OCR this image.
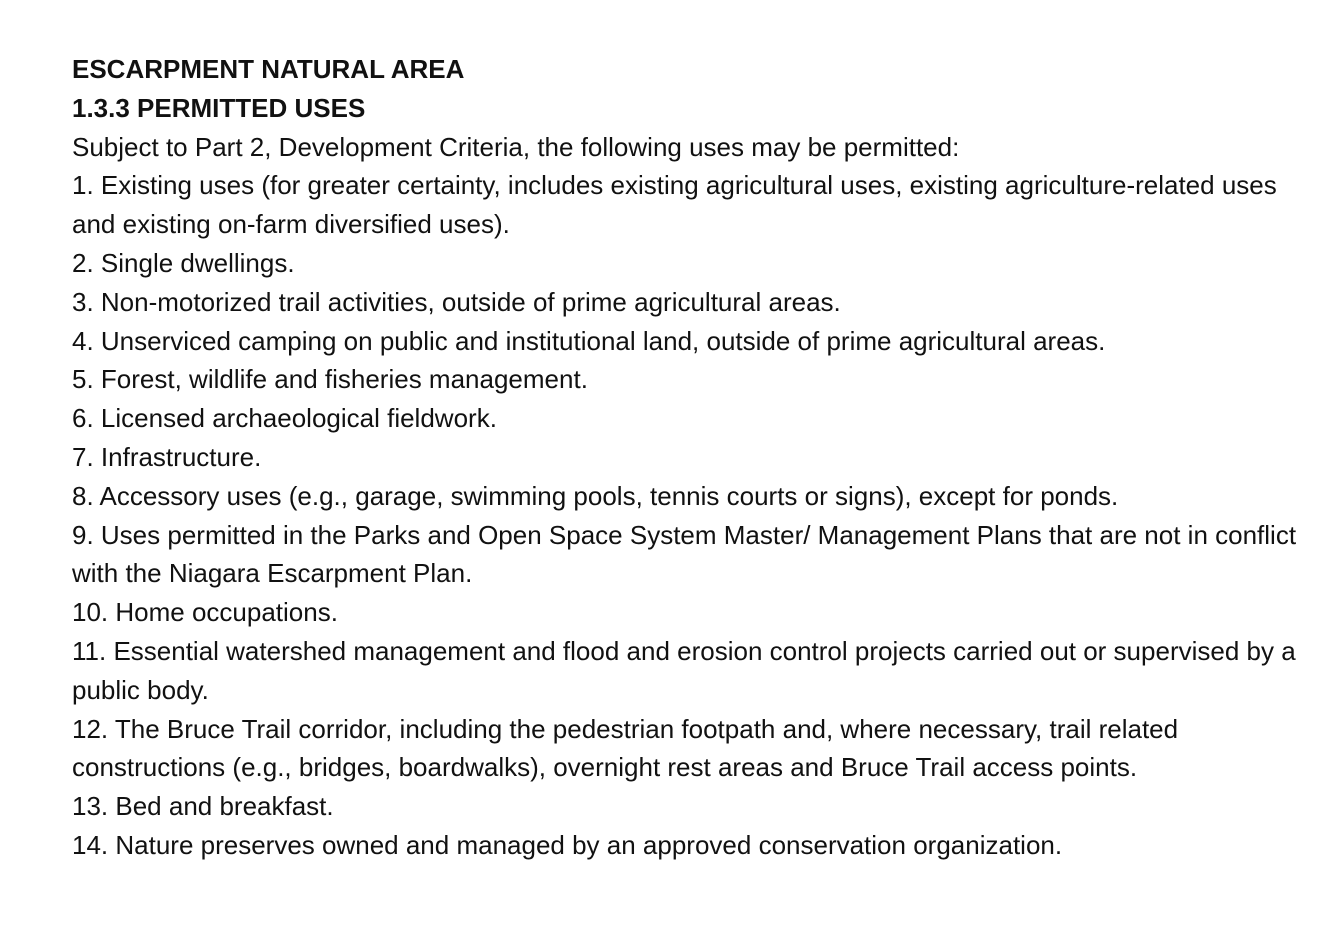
ESCARPMENT NATURAL AREA

1.3.3 PERMITTED USES

Subject to Part 2, Development Criteria, the following uses may be permitted:

1. Existing uses (for greater certainty, includes existing agricultural uses, existing agriculture-related uses and existing on-farm diversified uses).

2. Single dwellings.

3. Non-motorized trail activities, outside of prime agricultural areas.

4. Unserviced camping on public and institutional land, outside of prime agricultural areas.

5. Forest, wildlife and fisheries management.

6. Licensed archaeological fieldwork.

7. Infrastructure.

8. Accessory uses (e.g., garage, swimming pools, tennis courts or signs), except for ponds.

9. Uses permitted in the Parks and Open Space System Master/ Management Plans that are not in conflict with the Niagara Escarpment Plan.

10. Home occupations.

11. Essential watershed management and flood and erosion control projects carried out or supervised by a public body.

12. The Bruce Trail corridor, including the pedestrian footpath and, where necessary, trail related constructions (e.g., bridges, boardwalks), overnight rest areas and Bruce Trail access points.

13. Bed and breakfast.

14. Nature preserves owned and managed by an approved conservation organization.
